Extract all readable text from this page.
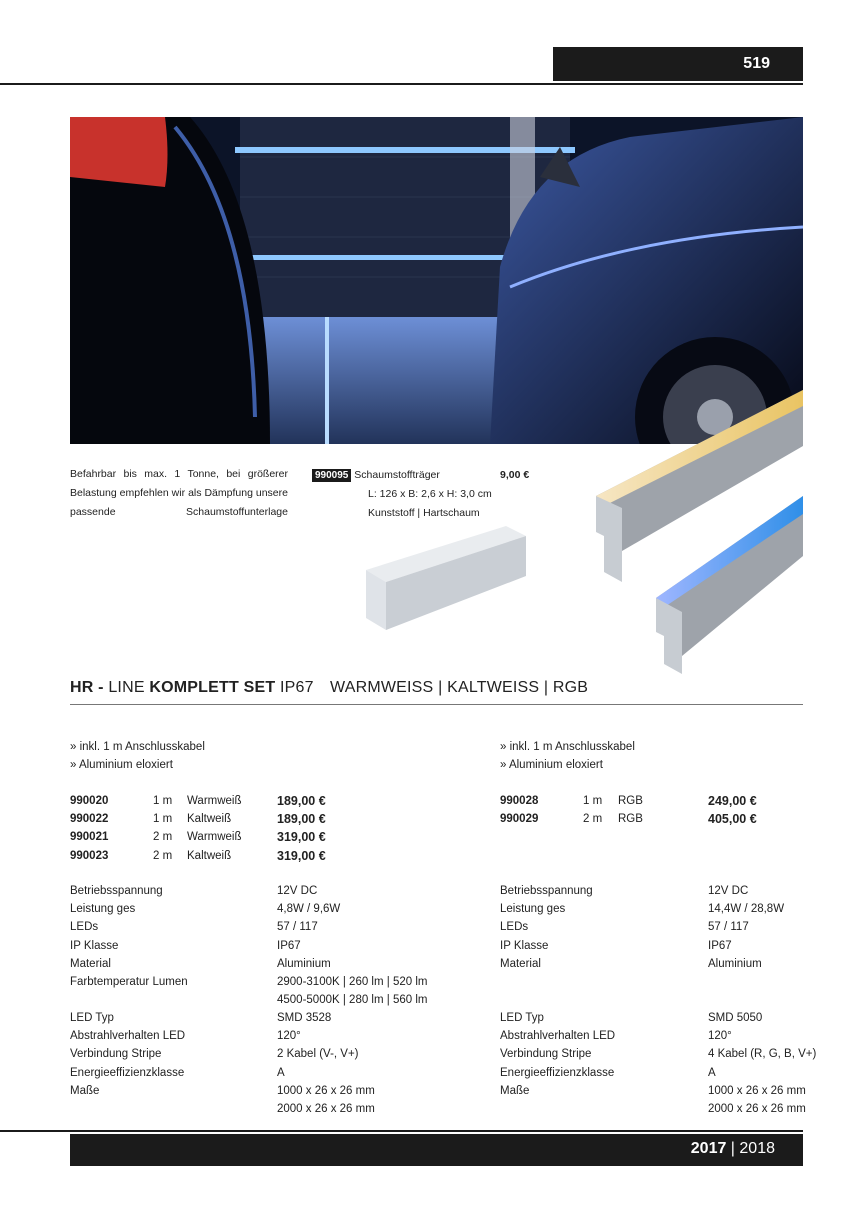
519
Befahrbar bis max. 1 Tonne, bei größerer Belastung empfehlen wir als Dämpfung unsere passende Schaumstoffunterlage
990095 Schaumstoffträger
L: 126 x B: 2,6 x H: 3,0 cm
Kunststoff | Hartschaum
9,00 €
HR - LINE KOMPLETT SET IP67 WARMWEISS | KALTWEISS | RGB
» inkl. 1 m Anschlusskabel
» Aluminium eloxiert
990020	1 m	Warmweiß	189,00 €
990022	1 m	Kaltweiß	189,00 €
990021	2 m	Warmweiß	319,00 €
990023	2 m	Kaltweiß	319,00 €
Betriebsspannung	12V DC
Leistung ges	4,8W / 9,6W
LEDs	57 / 117
IP Klasse	IP67
Material	Aluminium
Farbtemperatur Lumen	2900-3100K | 260 lm | 520 lm
	4500-5000K | 280 lm | 560 lm
LED Typ	SMD 3528
Abstrahlverhalten LED	120°
Verbindung Stripe	2 Kabel (V-, V+)
Energieeffizienzklasse	A
Maße	1000 x 26 x 26 mm
	2000 x 26 x 26 mm
» inkl. 1 m Anschlusskabel
» Aluminium eloxiert
990028	1 m	RGB	249,00 €
990029	2 m	RGB	405,00 €
Betriebsspannung	12V DC
Leistung ges	14,4W / 28,8W
LEDs	57 / 117
IP Klasse	IP67
Material	Aluminium
LED Typ	SMD 5050
Abstrahlverhalten LED	120°
Verbindung Stripe	4 Kabel (R, G, B, V+)
Energieeffizienzklasse	A
Maße	1000 x 26 x 26 mm
	2000 x 26 x 26 mm
2017 | 2018
